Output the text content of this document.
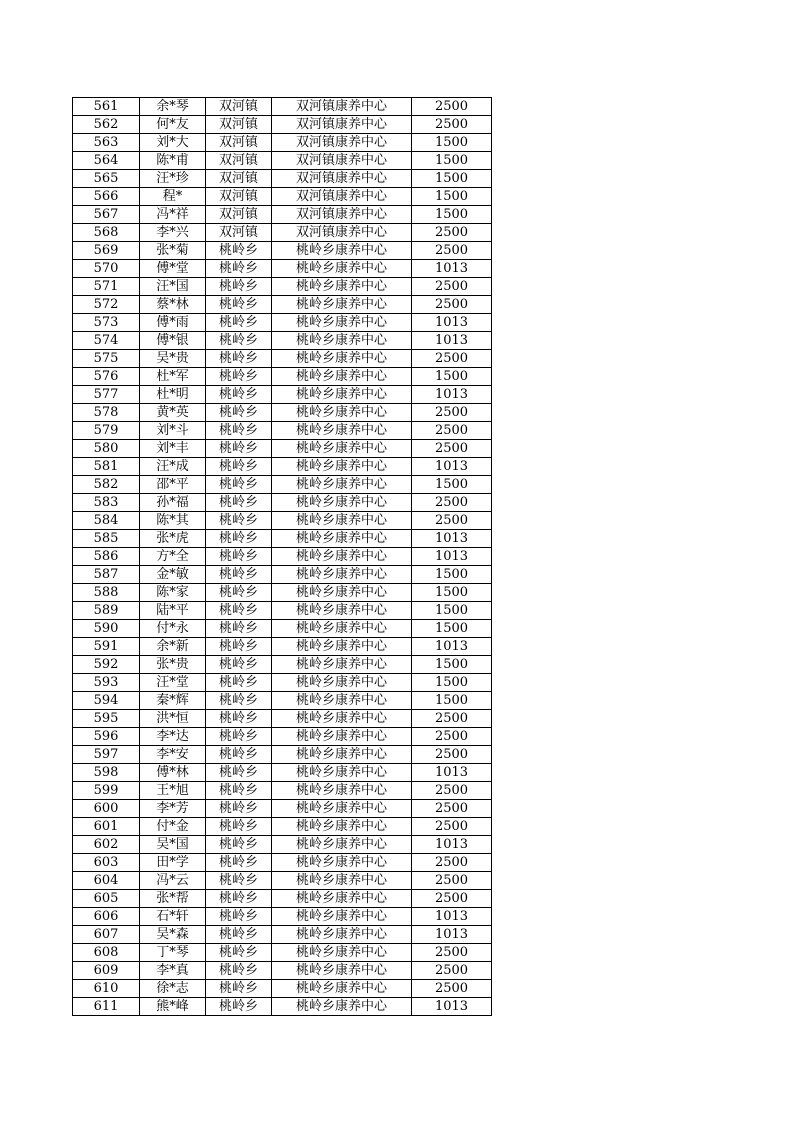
561	余*琴	双河镇	双河镇康养中心	2500
562	何*友	双河镇	双河镇康养中心	2500
563	刘*大	双河镇	双河镇康养中心	1500
564	陈*甫	双河镇	双河镇康养中心	1500
565	汪*珍	双河镇	双河镇康养中心	1500
566	程*	双河镇	双河镇康养中心	1500
567	冯*祥	双河镇	双河镇康养中心	1500
568	李*兴	双河镇	双河镇康养中心	2500
569	张*菊	桃岭乡	桃岭乡康养中心	2500
570	傅*堂	桃岭乡	桃岭乡康养中心	1013
571	汪*国	桃岭乡	桃岭乡康养中心	2500
572	蔡*林	桃岭乡	桃岭乡康养中心	2500
573	傅*雨	桃岭乡	桃岭乡康养中心	1013
574	傅*银	桃岭乡	桃岭乡康养中心	1013
575	吴*贵	桃岭乡	桃岭乡康养中心	2500
576	杜*军	桃岭乡	桃岭乡康养中心	1500
577	杜*明	桃岭乡	桃岭乡康养中心	1013
578	黄*英	桃岭乡	桃岭乡康养中心	2500
579	刘*斗	桃岭乡	桃岭乡康养中心	2500
580	刘*丰	桃岭乡	桃岭乡康养中心	2500
581	汪*成	桃岭乡	桃岭乡康养中心	1013
582	邵*平	桃岭乡	桃岭乡康养中心	1500
583	孙*福	桃岭乡	桃岭乡康养中心	2500
584	陈*其	桃岭乡	桃岭乡康养中心	2500
585	张*虎	桃岭乡	桃岭乡康养中心	1013
586	方*全	桃岭乡	桃岭乡康养中心	1013
587	金*敏	桃岭乡	桃岭乡康养中心	1500
588	陈*家	桃岭乡	桃岭乡康养中心	1500
589	陆*平	桃岭乡	桃岭乡康养中心	1500
590	付*永	桃岭乡	桃岭乡康养中心	1500
591	余*新	桃岭乡	桃岭乡康养中心	1013
592	张*贵	桃岭乡	桃岭乡康养中心	1500
593	汪*堂	桃岭乡	桃岭乡康养中心	1500
594	秦*辉	桃岭乡	桃岭乡康养中心	1500
595	洪*恒	桃岭乡	桃岭乡康养中心	2500
596	李*达	桃岭乡	桃岭乡康养中心	2500
597	李*安	桃岭乡	桃岭乡康养中心	2500
598	傅*林	桃岭乡	桃岭乡康养中心	1013
599	王*旭	桃岭乡	桃岭乡康养中心	2500
600	李*芳	桃岭乡	桃岭乡康养中心	2500
601	付*金	桃岭乡	桃岭乡康养中心	2500
602	吴*国	桃岭乡	桃岭乡康养中心	1013
603	田*学	桃岭乡	桃岭乡康养中心	2500
604	冯*云	桃岭乡	桃岭乡康养中心	2500
605	张*帮	桃岭乡	桃岭乡康养中心	2500
606	石*轩	桃岭乡	桃岭乡康养中心	1013
607	吴*森	桃岭乡	桃岭乡康养中心	1013
608	丁*琴	桃岭乡	桃岭乡康养中心	2500
609	李*真	桃岭乡	桃岭乡康养中心	2500
610	徐*志	桃岭乡	桃岭乡康养中心	2500
611	熊*峰	桃岭乡	桃岭乡康养中心	1013
